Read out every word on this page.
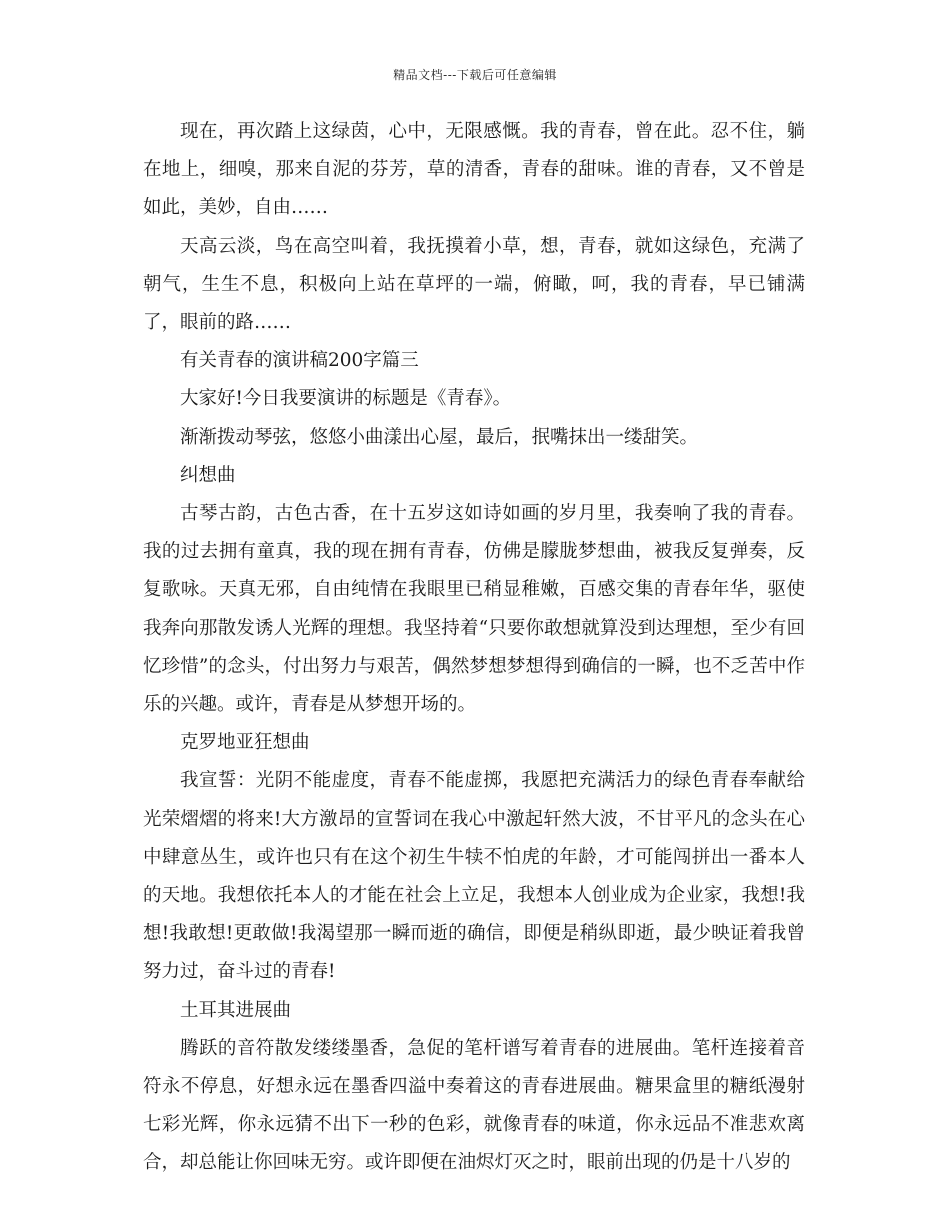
精品文档---下载后可任意编辑

现在，再次踏上这绿茵，心中，无限感慨。我的青春，曾在此。忍不住，躺在地上，细嗅，那来自泥的芬芳，草的清香，青春的甜味。谁的青春，又不曾是如此，美妙，自由……

天高云淡，鸟在高空叫着，我抚摸着小草，想，青春，就如这绿色，充满了朝气，生生不息，积极向上站在草坪的一端，俯瞰，呵，我的青春，早已铺满了，眼前的路……

有关青春的演讲稿200字篇三

大家好!今日我要演讲的标题是《青春》。

渐渐拨动琴弦，悠悠小曲漾出心屋，最后，抿嘴抹出一缕甜笑。

纠想曲

古琴古韵，古色古香，在十五岁这如诗如画的岁月里，我奏响了我的青春。我的过去拥有童真，我的现在拥有青春，仿佛是朦胧梦想曲，被我反复弹奏，反复歌咏。天真无邪，自由纯情在我眼里已稍显稚嫩，百感交集的青春年华，驱使我奔向那散发诱人光辉的理想。我坚持着“只要你敢想就算没到达理想，至少有回忆珍惜”的念头，付出努力与艰苦，偶然梦想梦想得到确信的一瞬，也不乏苦中作乐的兴趣。或许，青春是从梦想开场的。

克罗地亚狂想曲

我宣誓：光阴不能虚度，青春不能虚掷，我愿把充满活力的绿色青春奉献给光荣熠熠的将来!大方激昂的宣誓词在我心中激起轩然大波，不甘平凡的念头在心中肆意丛生，或许也只有在这个初生牛犊不怕虎的年龄，才可能闯拼出一番本人的天地。我想依托本人的才能在社会上立足，我想本人创业成为企业家，我想!我想!我敢想!更敢做!我渴望那一瞬而逝的确信，即便是稍纵即逝，最少映证着我曾努力过，奋斗过的青春!

土耳其进展曲

腾跃的音符散发缕缕墨香，急促的笔杆谱写着青春的进展曲。笔杆连接着音符永不停息，好想永远在墨香四溢中奏着这的青春进展曲。糖果盒里的糖纸漫射七彩光辉，你永远猜不出下一秒的色彩，就像青春的味道，你永远品不准悲欢离合，却总能让你回味无穷。或许即便在油烬灯灭之时，眼前出现的仍是十八岁的
